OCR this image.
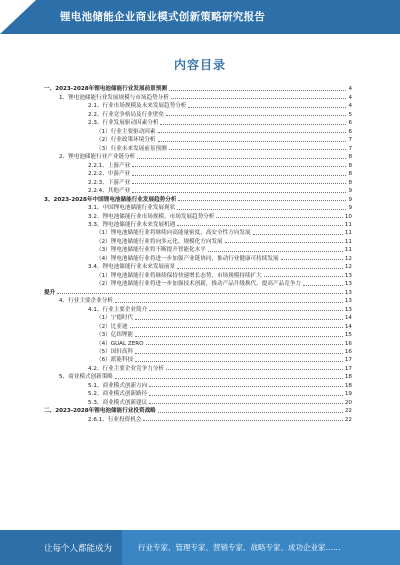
锂电池储能企业商业模式创新策略研究报告
内容目录
一、2023-2028年锂电池储能行业发展前景预测	4
1、锂电池储能行业发展规模与市场趋势分析	4
2.1、行业市场规模及未来发展趋势分析	4
2.2、行业竞争格局及行业壁垒	5
2.3、行业发展驱动因素分析	6
（1）行业主要驱动因素	6
（2）行业政策环境分析	7
（3）行业未来发展前景预测	7
2、锂电池储能行业产业链分析	8
2.2.1、上游产业	8
2.2.2、中游产业	8
2.2.3、下游产业	8
2.2.4、其他产业	9
3、2023-2028年中国锂电池储能行业发展趋势分析	9
3.1、中国锂电池储能行业发展现状	9
3.2、锂电池储能行业市场规模、市场发展趋势分析	10
3.3、锂电池储能行业未来发展机遇	11
（1）锂电池储能行业将继续向高能量密度、高安全性方向发展	11
（2）锂电池储能行业将向多元化、规模化方向发展	11
（3）锂电池储能行业将不断提升智能化水平	11
（4）锂电池储能行业将进一步加强产业链协同，推动行业健康可持续发展	12
3.4、锂电池储能行业未来发展前景	12
（1）锂电池储能行业将继续保持快速增长态势，市场规模持续扩大	13
（2）锂电池储能行业将进一步加强技术创新，推动产品升级换代，提高产品竞争力	13
提升	13
4、行业主要企业分析	13
4.1、行业主要企业简介	13
（1）宁德时代	14
（2）比亚迪	14
（3）亿纬锂能	15
（4）GUAL ZERO	16
（5）国轩高科	16
（6）派能科技	17
4.2、行业主要企业竞争力分析	17
5、商业模式创新策略	18
5.1、商业模式创新方向	18
5.2、商业模式创新路径	19
5.3、商业模式创新建议	20
二、2023-2028年锂电池储能行业投资战略	22
2.6.1、行业投资机会	22
让每个人都能成为	行业专家、管理专家、营销专家、战略专家、成功企业家……
